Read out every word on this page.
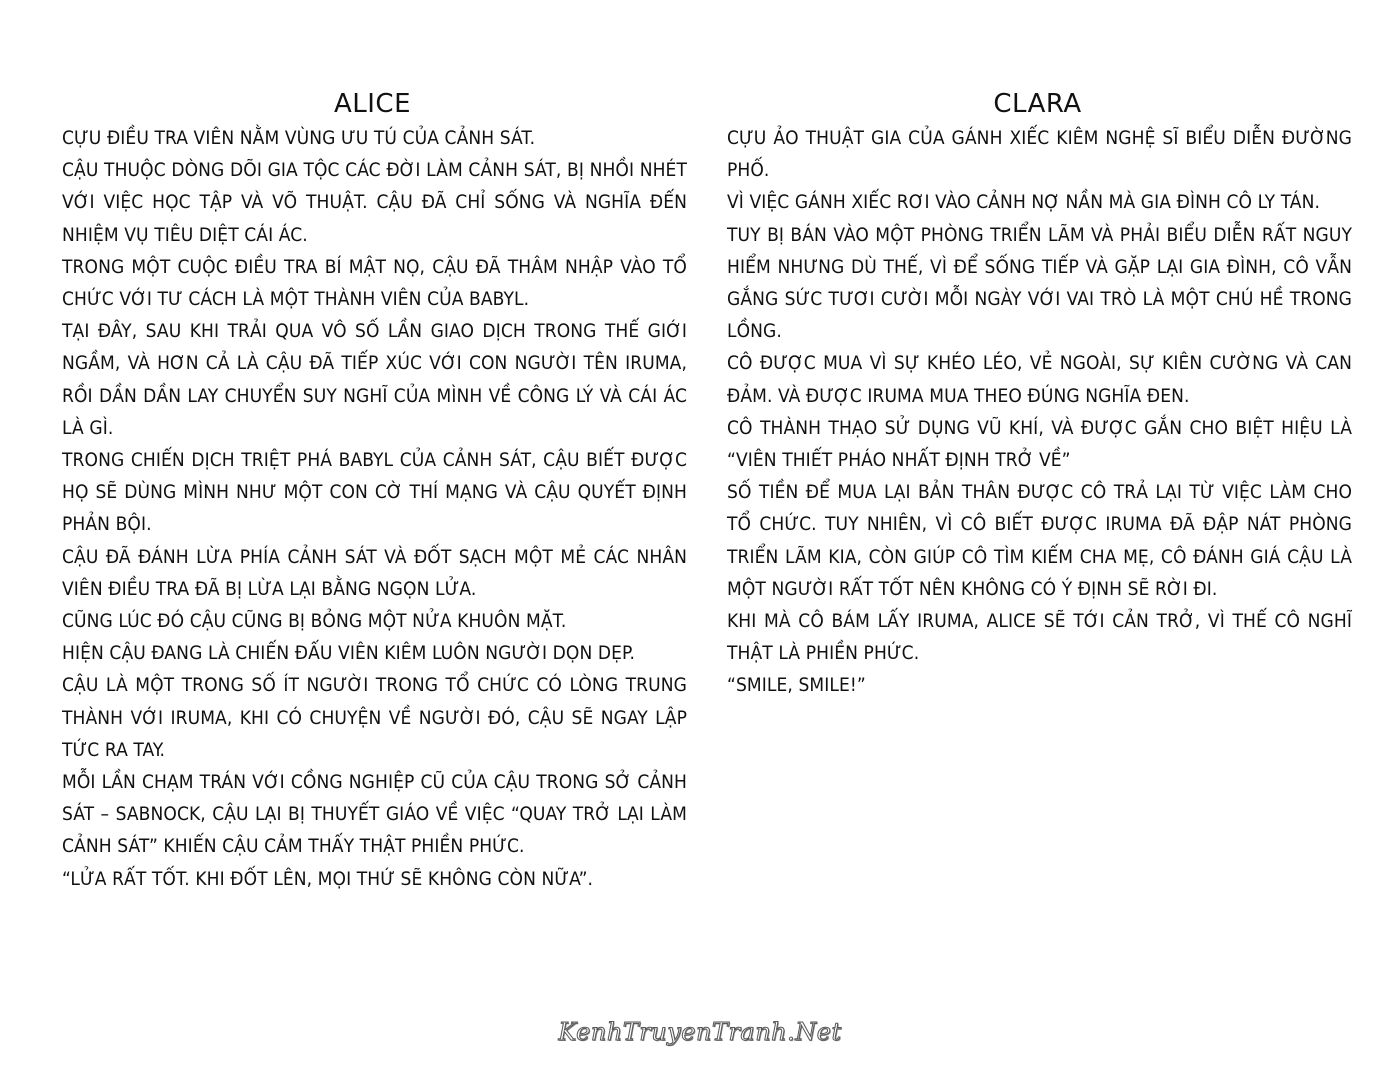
ALICE

CỰU ĐIỀU TRA VIÊN NẰM VÙNG ƯU TÚ CỦA CẢNH SÁT.

CẬU THUỘC DÒNG DÕI GIA TỘC CÁC ĐỜI LÀM CẢNH SÁT, BỊ NHỒI NHÉT VỚI VIỆC HỌC TẬP VÀ VÕ THUẬT. CẬU ĐÃ CHỈ SỐNG VÀ NGHĨA ĐẾN NHIỆM VỤ TIÊU DIỆT CÁI ÁC.

TRONG MỘT CUỘC ĐIỀU TRA BÍ MẬT NỌ, CẬU ĐÃ THÂM NHẬP VÀO TỔ CHỨC VỚI TƯ CÁCH LÀ MỘT THÀNH VIÊN CỦA BABYL.

TẠI ĐÂY, SAU KHI TRẢI QUA VÔ SỐ LẦN GIAO DỊCH TRONG THẾ GIỚI NGẦM, VÀ HƠN CẢ LÀ CẬU ĐÃ TIẾP XÚC VỚI CON NGƯỜI TÊN IRUMA, RỒI DẦN DẦN LAY CHUYỂN SUY NGHĨ CỦA MÌNH VỀ CÔNG LÝ VÀ CÁI ÁC LÀ GÌ.

TRONG CHIẾN DỊCH TRIỆT PHÁ BABYL CỦA CẢNH SÁT, CẬU BIẾT ĐƯỢC HỌ SẼ DÙNG MÌNH NHƯ MỘT CON CỜ THÍ MẠNG VÀ CẬU QUYẾT ĐỊNH PHẢN BỘI.

CẬU ĐÃ ĐÁNH LỪA PHÍA CẢNH SÁT VÀ ĐỐT SẠCH MỘT MẺ CÁC NHÂN VIÊN ĐIỀU TRA ĐÃ BỊ LỪA LẠI BẰNG NGỌN LỬA.

CŨNG LÚC ĐÓ CẬU CŨNG BỊ BỎNG MỘT NỬA KHUÔN MẶT.

HIỆN CẬU ĐANG LÀ CHIẾN ĐẤU VIÊN KIÊM LUÔN NGƯỜI DỌN DẸP.

CẬU LÀ MỘT TRONG SỐ ÍT NGƯỜI TRONG TỔ CHỨC CÓ LÒNG TRUNG THÀNH VỚI IRUMA, KHI CÓ CHUYỆN VỀ NGƯỜI ĐÓ, CẬU SẼ NGAY LẬP TỨC RA TAY.

MỖI LẦN CHẠM TRÁN VỚI CỒNG NGHIỆP CŨ CỦA CẬU TRONG SỞ CẢNH SÁT – SABNOCK, CẬU LẠI BỊ THUYẾT GIÁO VỀ VIỆC “QUAY TRỞ LẠI LÀM CẢNH SÁT” KHIẾN CẬU CẢM THẤY THẬT PHIỀN PHỨC.

“LỬA RẤT TỐT. KHI ĐỐT LÊN, MỌI THỨ SẼ KHÔNG CÒN NỮA”.

CLARA

CỰU ẢO THUẬT GIA CỦA GÁNH XIẾC KIÊM NGHỆ SĨ BIỂU DIỄN ĐƯỜNG PHỐ.

VÌ VIỆC GÁNH XIẾC RƠI VÀO CẢNH NỢ NẦN MÀ GIA ĐÌNH CÔ LY TÁN.

TUY BỊ BÁN VÀO MỘT PHÒNG TRIỂN LÃM VÀ PHẢI BIỂU DIỄN RẤT NGUY HIỂM NHƯNG DÙ THẾ, VÌ ĐỂ SỐNG TIẾP VÀ GẶP LẠI GIA ĐÌNH, CÔ VẪN GẮNG SỨC TƯƠI CƯỜI MỖI NGÀY VỚI VAI TRÒ LÀ MỘT CHÚ HỀ TRONG LỒNG.

CÔ ĐƯỢC MUA VÌ SỰ KHÉO LÉO, VẺ NGOÀI, SỰ KIÊN CƯỜNG VÀ CAN ĐẢM. VÀ ĐƯỢC IRUMA MUA THEO ĐÚNG NGHĨA ĐEN.

CÔ THÀNH THẠO SỬ DỤNG VŨ KHÍ, VÀ ĐƯỢC GẮN CHO BIỆT HIỆU LÀ “VIÊN THIẾT PHÁO NHẤT ĐỊNH TRỞ VỀ”

SỐ TIỀN ĐỂ MUA LẠI BẢN THÂN ĐƯỢC CÔ TRẢ LẠI TỪ VIỆC LÀM CHO TỔ CHỨC. TUY NHIÊN, VÌ CÔ BIẾT ĐƯỢC IRUMA ĐÃ ĐẬP NÁT PHÒNG TRIỂN LÃM KIA, CÒN GIÚP CÔ TÌM KIẾM CHA MẸ, CÔ ĐÁNH GIÁ CẬU LÀ MỘT NGƯỜI RẤT TỐT NÊN KHÔNG CÓ Ý ĐỊNH SẼ RỜI ĐI.

KHI MÀ CÔ BÁM LẤY IRUMA, ALICE SẼ TỚI CẢN TRỞ, VÌ THẾ CÔ NGHĨ THẬT LÀ PHIỀN PHỨC.

“SMILE, SMILE!”

KenhTruyenTranh.Net
